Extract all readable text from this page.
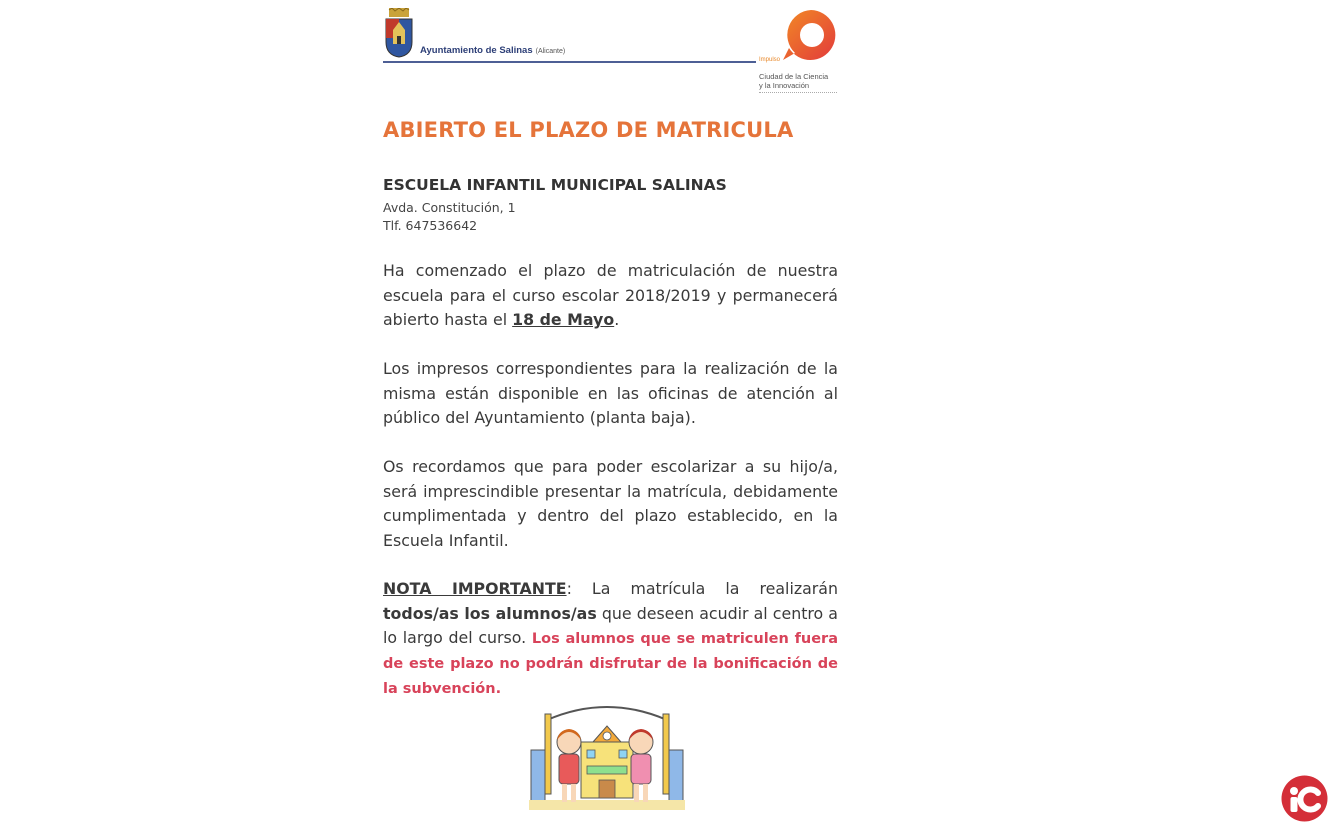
Ayuntamiento de Salinas (Alicante)
Impulso
Ciudad de la Ciencia
y la Innovación
ABIERTO EL PLAZO DE MATRICULA
ESCUELA INFANTIL MUNICIPAL SALINAS
Avda. Constitución, 1
Tlf. 647536642
Ha comenzado el plazo de matriculación de nuestra escuela para el curso escolar 2018/2019 y permanecerá abierto hasta el 18 de Mayo.
Los impresos correspondientes para la realización de la misma están disponible en las oficinas de atención al público del Ayuntamiento (planta baja).
Os recordamos que para poder escolarizar a su hijo/a, será imprescindible presentar la matrícula, debidamente cumplimentada y dentro del plazo establecido, en la Escuela Infantil.
NOTA IMPORTANTE: La matrícula la realizarán todos/as los alumnos/as que deseen acudir al centro a lo largo del curso. Los alumnos que se matriculen fuera de este plazo no podrán disfrutar de la bonificación de la subvención.
